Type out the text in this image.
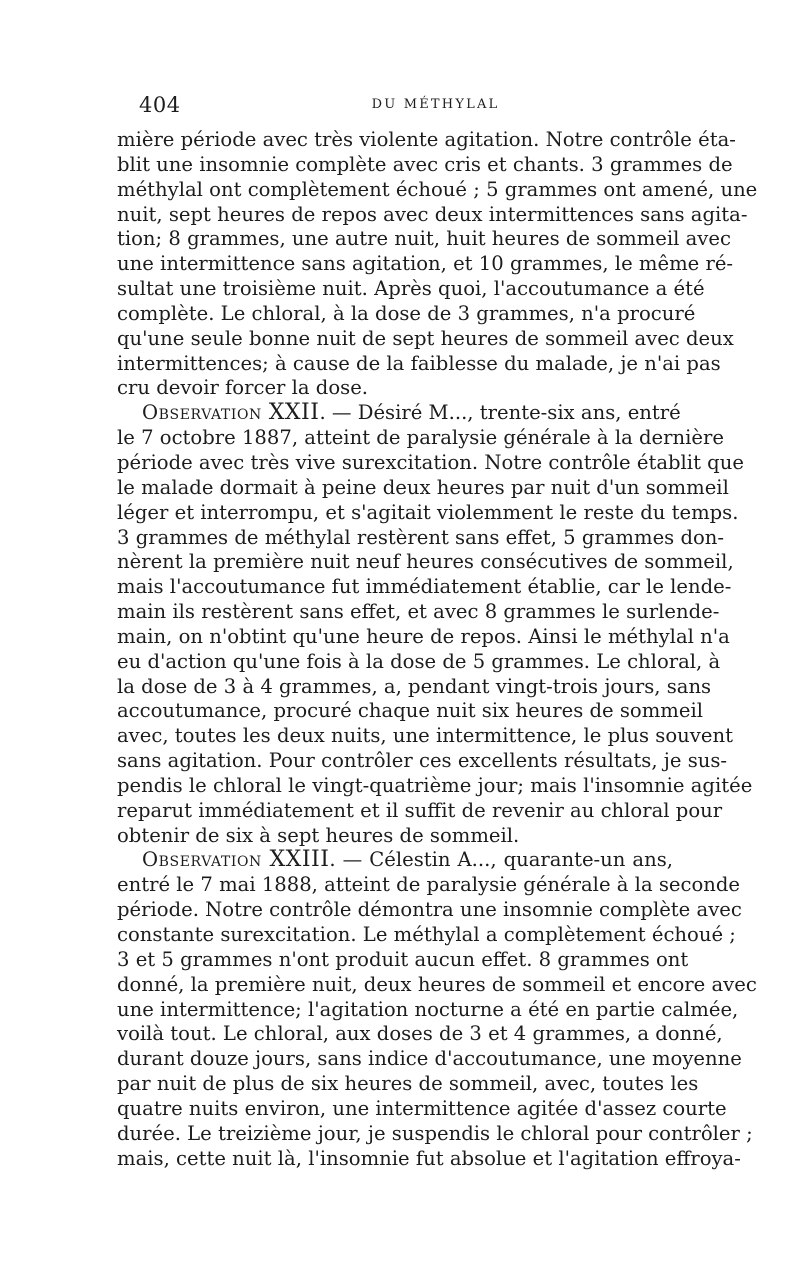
404	DU MÉTHYLAL
mière période avec très violente agitation. Notre contrôle éta-
blit une insomnie complète avec cris et chants. 3 grammes de
méthylal ont complètement échoué ; 5 grammes ont amené, une
nuit, sept heures de repos avec deux intermittences sans agita-
tion; 8 grammes, une autre nuit, huit heures de sommeil avec
une intermittence sans agitation, et 10 grammes, le même ré-
sultat une troisième nuit. Après quoi, l'accoutumance a été
complète. Le chloral, à la dose de 3 grammes, n'a procuré
qu'une seule bonne nuit de sept heures de sommeil avec deux
intermittences; à cause de la faiblesse du malade, je n'ai pas
cru devoir forcer la dose.
Observation XXII. — Désiré M..., trente-six ans, entré
le 7 octobre 1887, atteint de paralysie générale à la dernière
période avec très vive surexcitation. Notre contrôle établit que
le malade dormait à peine deux heures par nuit d'un sommeil
léger et interrompu, et s'agitait violemment le reste du temps.
3 grammes de méthylal restèrent sans effet, 5 grammes don-
nèrent la première nuit neuf heures consécutives de sommeil,
mais l'accoutumance fut immédiatement établie, car le lende-
main ils restèrent sans effet, et avec 8 grammes le surlende-
main, on n'obtint qu'une heure de repos. Ainsi le méthylal n'a
eu d'action qu'une fois à la dose de 5 grammes. Le chloral, à
la dose de 3 à 4 grammes, a, pendant vingt-trois jours, sans
accoutumance, procuré chaque nuit six heures de sommeil
avec, toutes les deux nuits, une intermittence, le plus souvent
sans agitation. Pour contrôler ces excellents résultats, je sus-
pendis le chloral le vingt-quatrième jour; mais l'insomnie agitée
reparut immédiatement et il suffit de revenir au chloral pour
obtenir de six à sept heures de sommeil.
Observation XXIII. — Célestin A..., quarante-un ans,
entré le 7 mai 1888, atteint de paralysie générale à la seconde
période. Notre contrôle démontra une insomnie complète avec
constante surexcitation. Le méthylal a complètement échoué ;
3 et 5 grammes n'ont produit aucun effet. 8 grammes ont
donné, la première nuit, deux heures de sommeil et encore avec
une intermittence; l'agitation nocturne a été en partie calmée,
voilà tout. Le chloral, aux doses de 3 et 4 grammes, a donné,
durant douze jours, sans indice d'accoutumance, une moyenne
par nuit de plus de six heures de sommeil, avec, toutes les
quatre nuits environ, une intermittence agitée d'assez courte
durée. Le treizième jour, je suspendis le chloral pour contrôler ;
mais, cette nuit là, l'insomnie fut absolue et l'agitation effroya-
